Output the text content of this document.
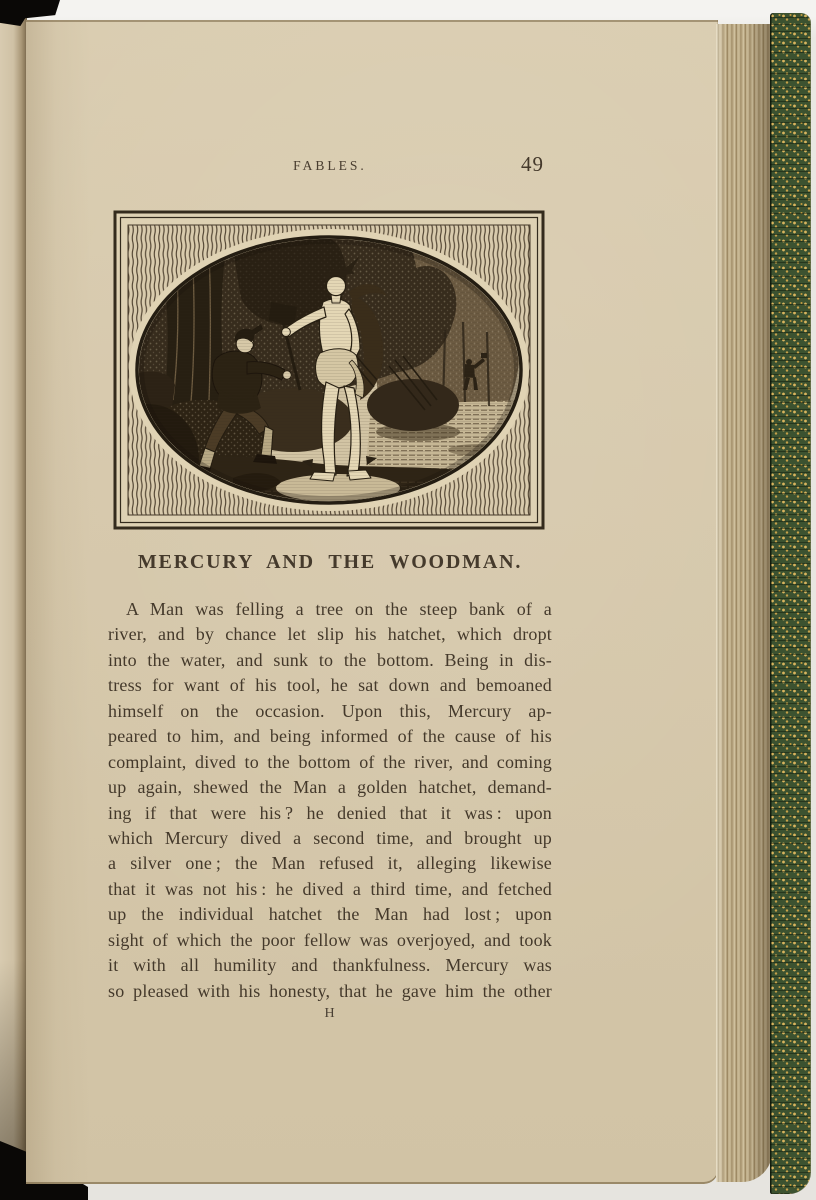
FABLES.	49
MERCURY AND THE WOODMAN.
A Man was felling a tree on the steep bank of a
river, and by chance let slip his hatchet, which dropt
into the water, and sunk to the bottom. Being in dis-
tress for want of his tool, he sat down and bemoaned
himself on the occasion. Upon this, Mercury ap-
peared to him, and being informed of the cause of his
complaint, dived to the bottom of the river, and coming
up again, shewed the Man a golden hatchet, demand-
ing if that were his ? he denied that it was : upon
which Mercury dived a second time, and brought up
a silver one ; the Man refused it, alleging likewise
that it was not his : he dived a third time, and fetched
up the individual hatchet the Man had lost ; upon
sight of which the poor fellow was overjoyed, and took
it with all humility and thankfulness. Mercury was
so pleased with his honesty, that he gave him the other
H
